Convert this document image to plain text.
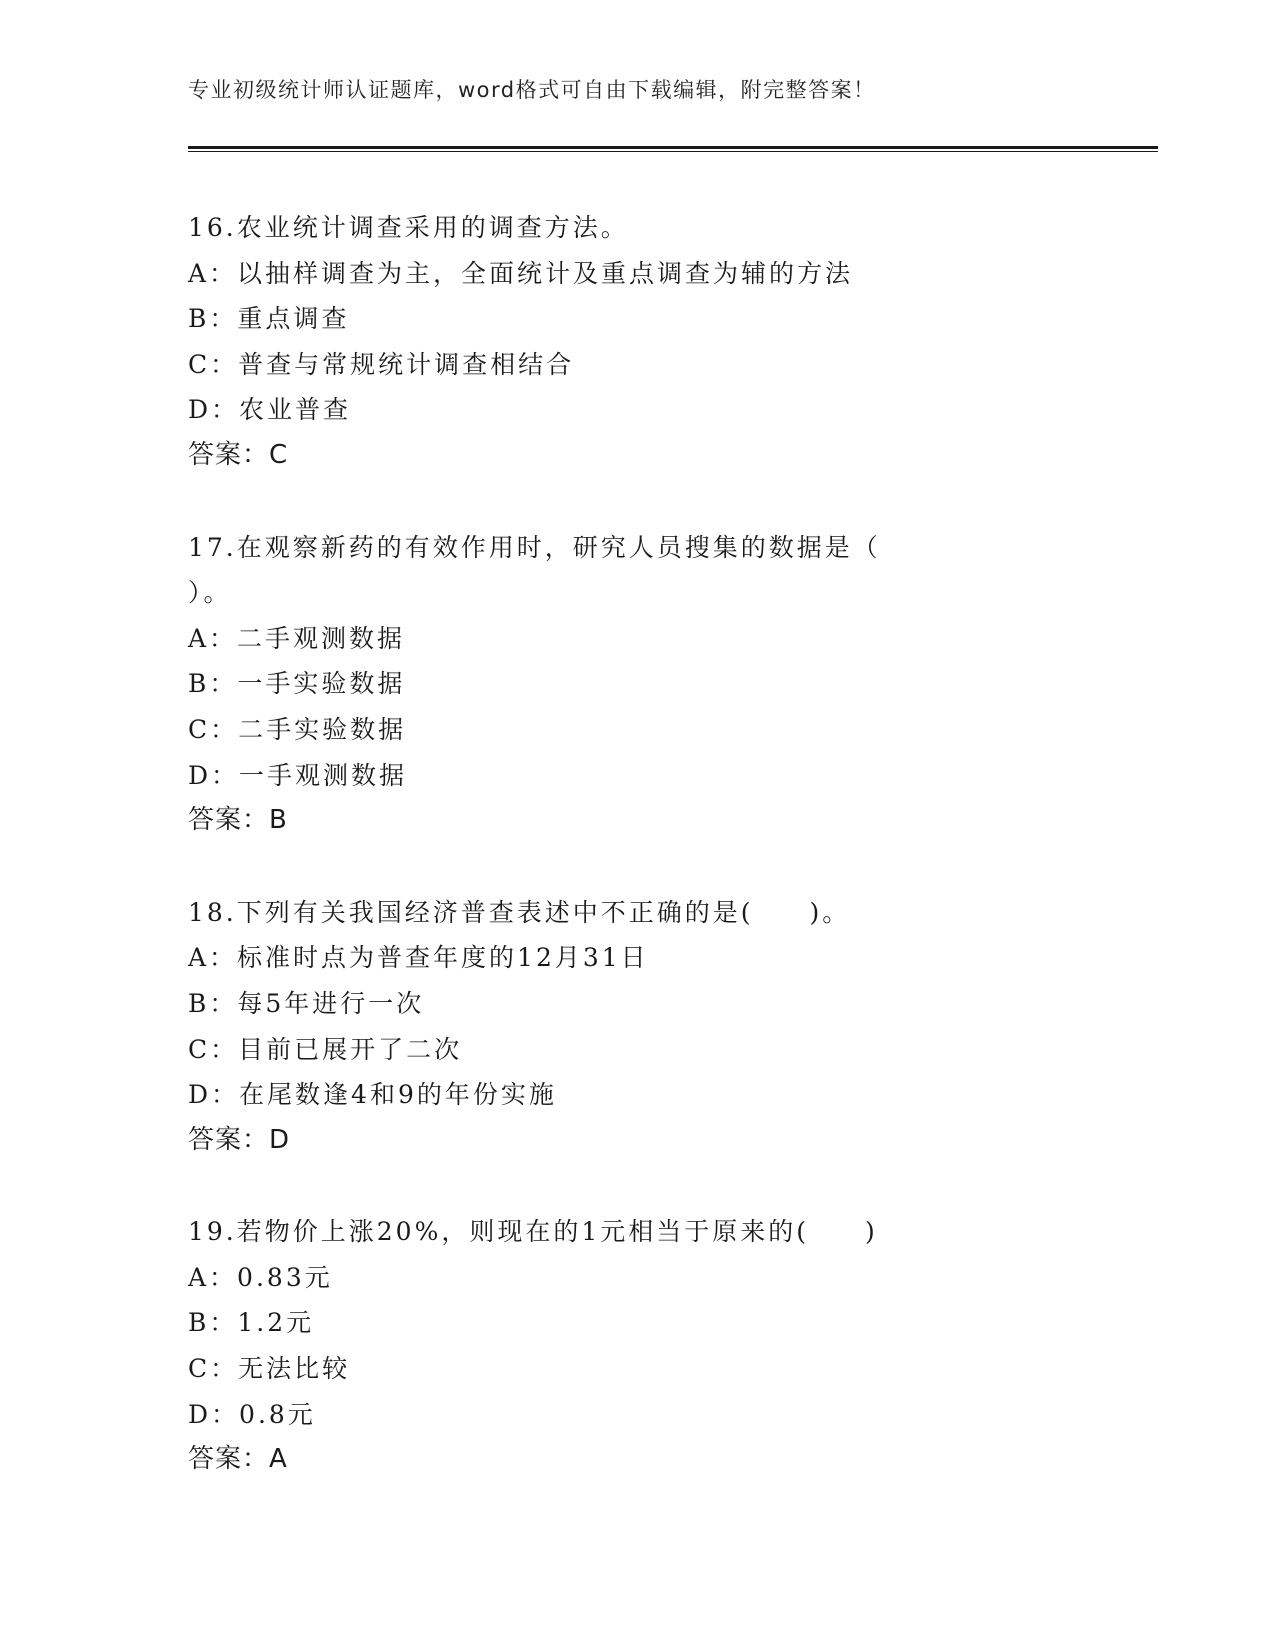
专业初级统计师认证题库，word格式可自由下载编辑，附完整答案！
16.农业统计调查采用的调查方法。
A：以抽样调查为主，全面统计及重点调查为辅的方法
B：重点调查
C：普查与常规统计调查相结合
D：农业普查
答案：C
17.在观察新药的有效作用时，研究人员搜集的数据是（
）。
A：二手观测数据
B：一手实验数据
C：二手实验数据
D：一手观测数据
答案：B
18.下列有关我国经济普查表述中不正确的是(　　)。
A：标准时点为普查年度的12月31日
B：每5年进行一次
C：目前已展开了二次
D：在尾数逢4和9的年份实施
答案：D
19.若物价上涨20%，则现在的1元相当于原来的(　　)
A：0.83元
B：1.2元
C：无法比较
D：0.8元
答案：A
